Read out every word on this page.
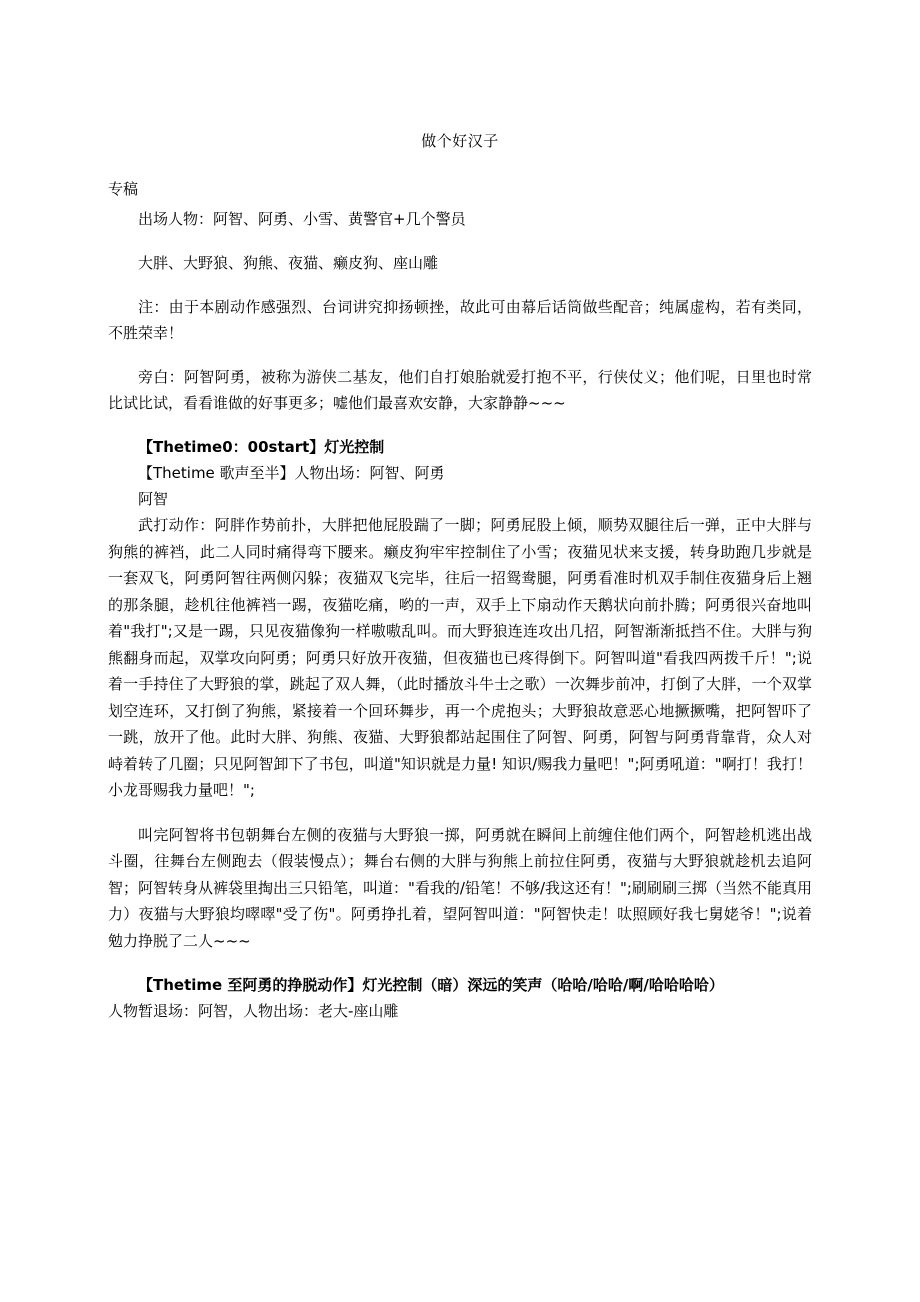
做个好汉子
专稿
出场人物：阿智、阿勇、小雪、黄警官+几个警员
大胖、大野狼、狗熊、夜猫、癞皮狗、座山雕
注：由于本剧动作感强烈、台词讲究抑扬顿挫，故此可由幕后话筒做些配音；纯属虚构，若有类同，不胜荣幸！
旁白：阿智阿勇，被称为游侠二基友，他们自打娘胎就爱打抱不平，行侠仗义；他们呢，日里也时常比试比试，看看谁做的好事更多；嘘他们最喜欢安静，大家静静~~~
【Thetime0：00start】灯光控制
【Thetime 歌声至半】人物出场：阿智、阿勇
阿智
武打动作：阿胖作势前扑，大胖把他屁股踹了一脚；阿勇屁股上倾，顺势双腿往后一弹，正中大胖与狗熊的裤裆，此二人同时痛得弯下腰来。癞皮狗牢牢控制住了小雪；夜猫见状来支援，转身助跑几步就是一套双飞，阿勇阿智往两侧闪躲；夜猫双飞完毕，往后一招鸳鸯腿，阿勇看准时机双手制住夜猫身后上翘的那条腿，趁机往他裤裆一踢，夜猫吃痛，哟的一声，双手上下扇动作天鹅状向前扑腾；阿勇很兴奋地叫着"我打";又是一踢，只见夜猫像狗一样嗷嗷乱叫。而大野狼连连攻出几招，阿智渐渐抵挡不住。大胖与狗熊翻身而起，双掌攻向阿勇；阿勇只好放开夜猫，但夜猫也已疼得倒下。阿智叫道"看我四两拨千斤！";说着一手持住了大野狼的掌，跳起了双人舞，（此时播放斗牛士之歌）一次舞步前冲，打倒了大胖，一个双掌划空连环，又打倒了狗熊，紧接着一个回环舞步，再一个虎抱头；大野狼故意恶心地撅撅嘴，把阿智吓了一跳，放开了他。此时大胖、狗熊、夜猫、大野狼都站起围住了阿智、阿勇，阿智与阿勇背靠背，众人对峙着转了几圈；只见阿智卸下了书包，叫道"知识就是力量! 知识/赐我力量吧！";阿勇吼道："啊打！我打！小龙哥赐我力量吧！";
叫完阿智将书包朝舞台左侧的夜猫与大野狼一掷，阿勇就在瞬间上前缠住他们两个，阿智趁机逃出战斗圈，往舞台左侧跑去（假装慢点）；舞台右侧的大胖与狗熊上前拉住阿勇，夜猫与大野狼就趁机去追阿智；阿智转身从裤袋里掏出三只铅笔，叫道："看我的/铅笔！不够/我这还有！";刷刷刷三掷（当然不能真用力）夜猫与大野狼均噿噿"受了伤"。阿勇挣扎着，望阿智叫道："阿智快走！呔照顾好我七舅姥爷！";说着勉力挣脱了二人~~~
【Thetime 至阿勇的挣脱动作】灯光控制（暗）深远的笑声（哈哈/哈哈/啊/哈哈哈哈）
人物暂退场：阿智，人物出场：老大-座山雕
